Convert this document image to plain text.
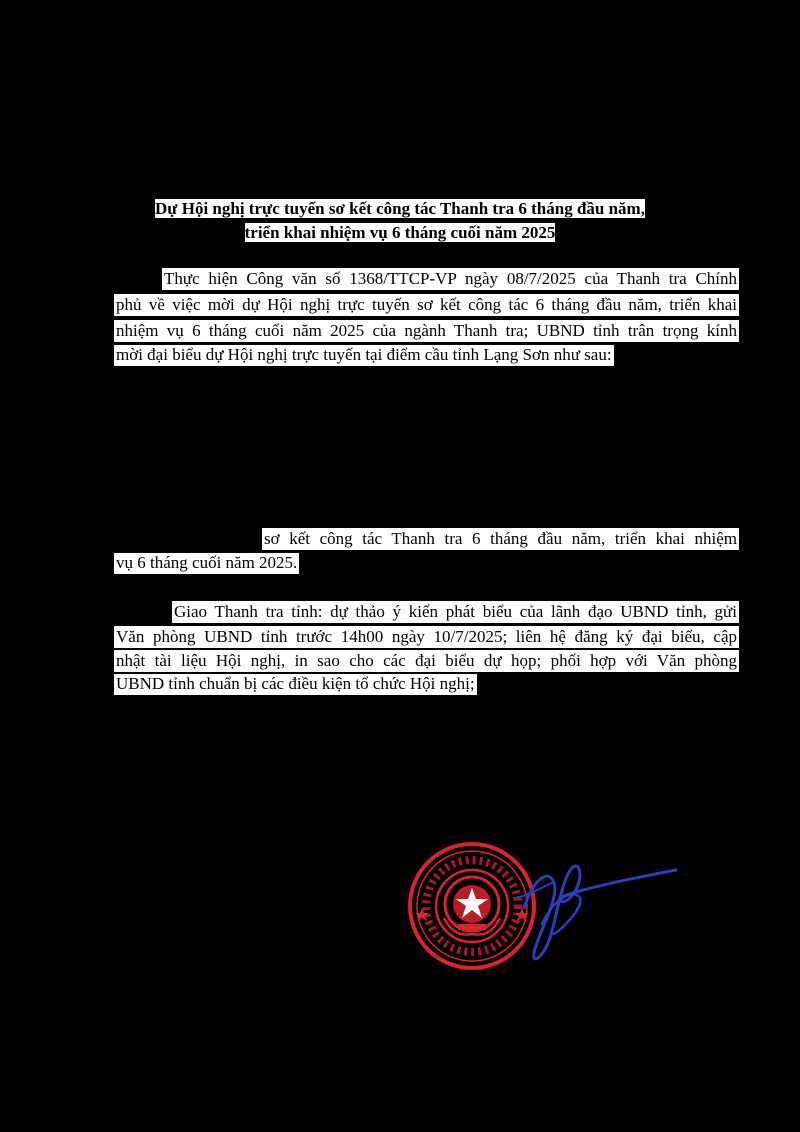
Dự Hội nghị trực tuyến sơ kết công tác Thanh tra 6 tháng đầu năm,
triển khai nhiệm vụ 6 tháng cuối năm 2025
Thực hiện Công văn số 1368/TTCP-VP ngày 08/7/2025 của Thanh tra Chính
phủ về việc mời dự Hội nghị trực tuyến sơ kết công tác 6 tháng đầu năm, triển khai
nhiệm vụ 6 tháng cuối năm 2025 của ngành Thanh tra; UBND tỉnh trân trọng kính
mời đại biểu dự Hội nghị trực tuyến tại điểm cầu tỉnh Lạng Sơn như sau:
sơ kết công tác Thanh tra 6 tháng đầu năm, triển khai nhiệm
vụ 6 tháng cuối năm 2025.
Giao Thanh tra tỉnh: dự thảo ý kiến phát biểu của lãnh đạo UBND tỉnh, gửi
Văn phòng UBND tỉnh trước 14h00 ngày 10/7/2025; liên hệ đăng ký đại biểu, cập
nhật tài liệu Hội nghị, in sao cho các đại biểu dự họp; phối hợp với Văn phòng
UBND tỉnh chuẩn bị các điều kiện tổ chức Hội nghị;
